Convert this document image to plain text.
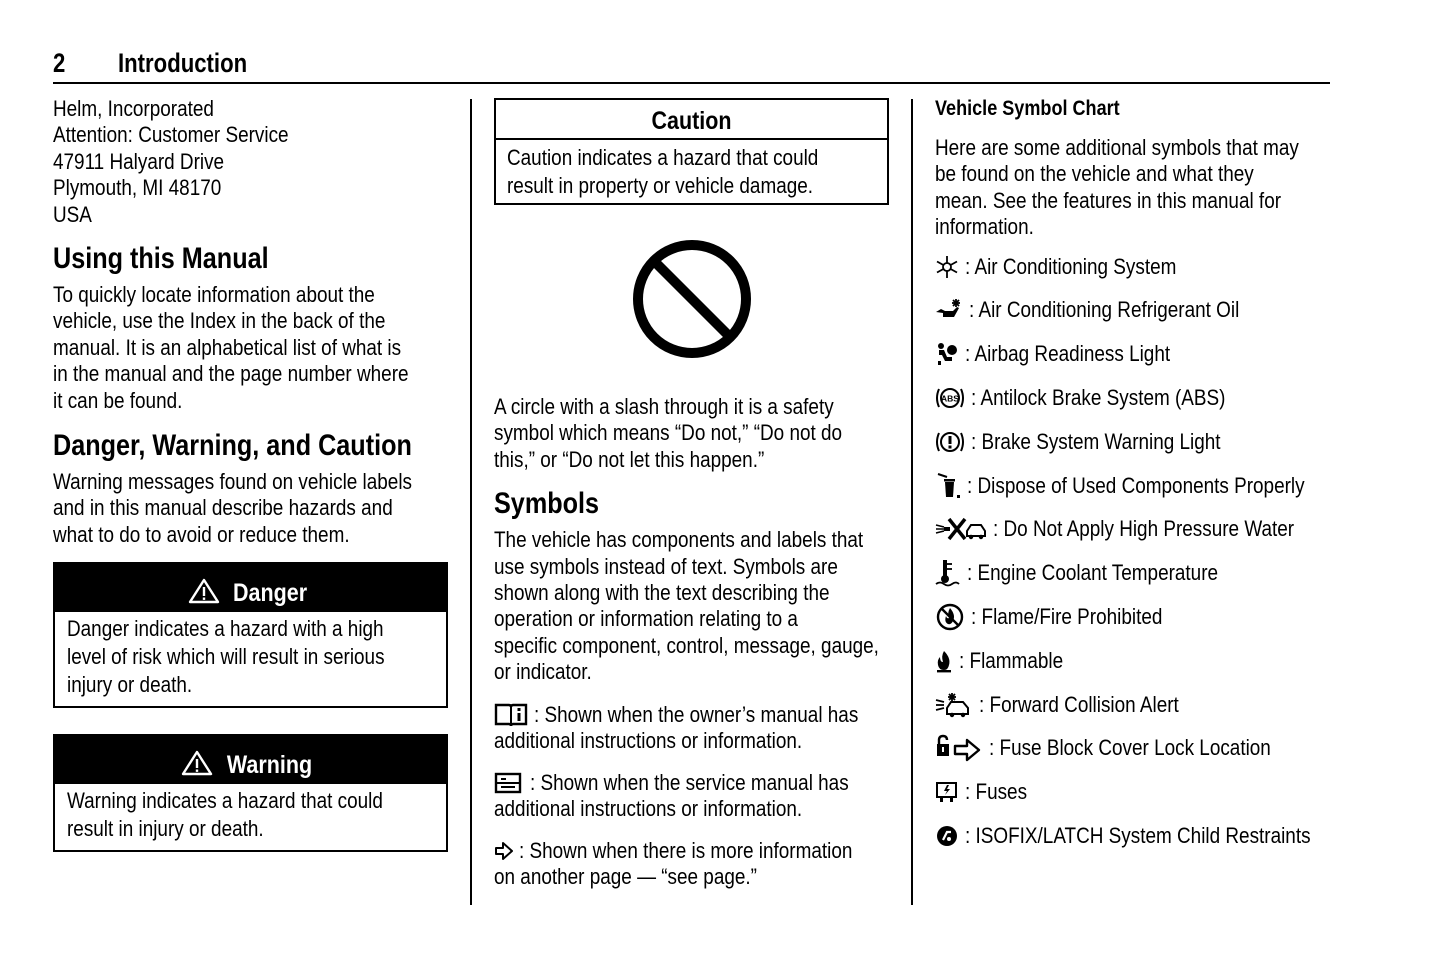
2 Introduction
Helm, Incorporated
Attention: Customer Service
47911 Halyard Drive
Plymouth, MI 48170
USA
Using this Manual
To quickly locate information about the
vehicle, use the Index in the back of the
manual. It is an alphabetical list of what is
in the manual and the page number where
it can be found.
Danger, Warning, and Caution
Warning messages found on vehicle labels
and in this manual describe hazards and
what to do to avoid or reduce them.
Danger
Danger indicates a hazard with a high
level of risk which will result in serious
injury or death.
Warning
Warning indicates a hazard that could
result in injury or death.
Caution
Caution indicates a hazard that could
result in property or vehicle damage.
A circle with a slash through it is a safety
symbol which means “Do not,” “Do not do
this,” or “Do not let this happen.”
Symbols
The vehicle has components and labels that
use symbols instead of text. Symbols are
shown along with the text describing the
operation or information relating to a
specific component, control, message, gauge,
or indicator.
: Shown when the owner’s manual has
additional instructions or information.
: Shown when the service manual has
additional instructions or information.
: Shown when there is more information
on another page — “see page.”
Vehicle Symbol Chart
Here are some additional symbols that may
be found on the vehicle and what they
mean. See the features in this manual for
information.
: Air Conditioning System
: Air Conditioning Refrigerant Oil
: Airbag Readiness Light
ABS : Antilock Brake System (ABS)
: Brake System Warning Light
: Dispose of Used Components Properly
: Do Not Apply High Pressure Water
: Engine Coolant Temperature
: Flame/Fire Prohibited
: Flammable
: Forward Collision Alert
: Fuse Block Cover Lock Location
: Fuses
: ISOFIX/LATCH System Child Restraints
